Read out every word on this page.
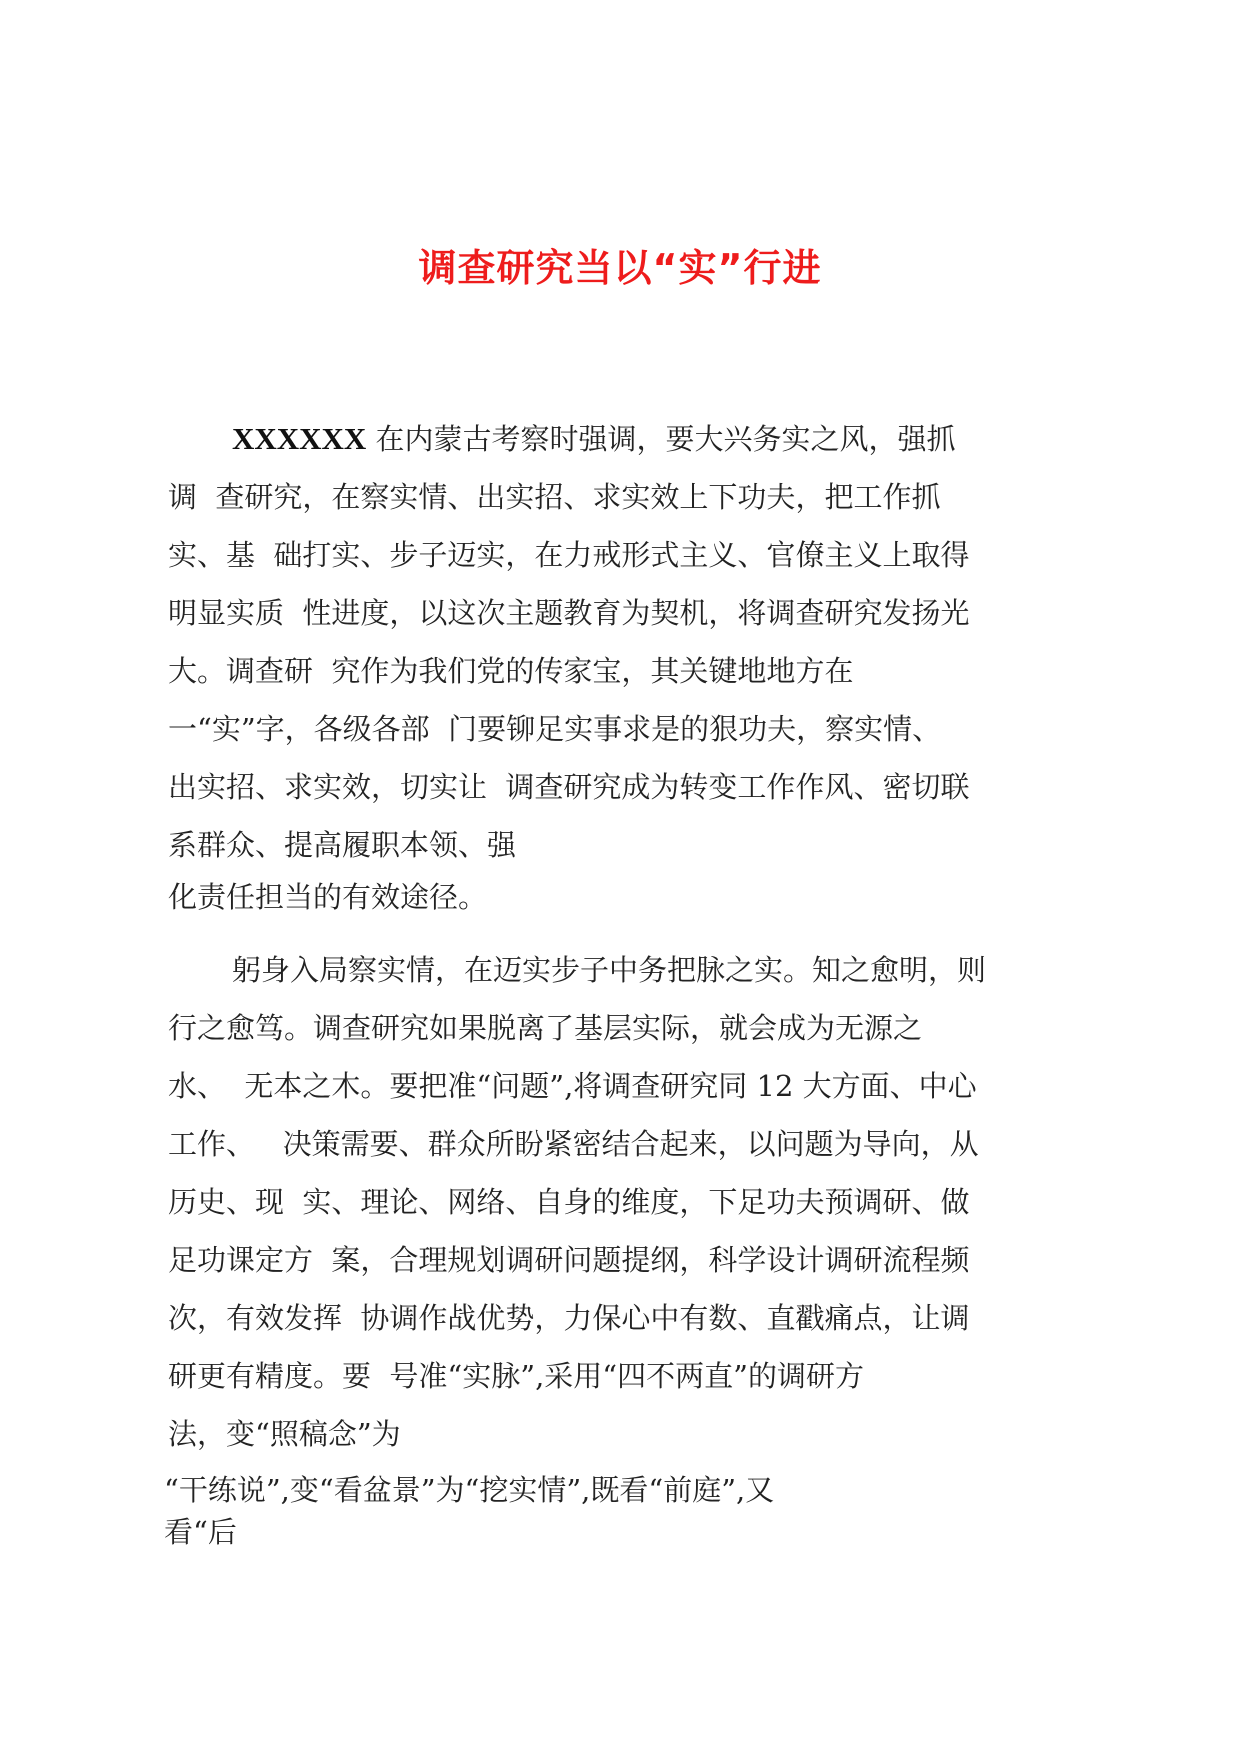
调查研究当以“实”行进
XXXXXX 在内蒙古考察时强调，要大兴务实之风，强抓
调  查研究，在察实情、出实招、求实效上下功夫，把工作抓
实、基  础打实、步子迈实，在力戒形式主义、官僚主义上取得
明显实质  性进度，以这次主题教育为契机，将调查研究发扬光
大。调查研  究作为我们党的传家宝，其关键地地方在
一“实”字，各级各部  门要铆足实事求是的狠功夫，察实情、
出实招、求实效，切实让  调查研究成为转变工作作风、密切联
系群众、提高履职本领、强
化责任担当的有效途径。
躬身入局察实情，在迈实步子中务把脉之实。知之愈明，则
行之愈笃。调查研究如果脱离了基层实际，就会成为无源之
水、  无本之木。要把准“问题”,将调查研究同 12 大方面、中心
工作、   决策需要、群众所盼紧密结合起来，以问题为导向，从
历史、现  实、理论、网络、自身的维度，下足功夫预调研、做
足功课定方  案，合理规划调研问题提纲，科学设计调研流程频
次，有效发挥  协调作战优势，力保心中有数、直戳痛点，让调
研更有精度。要  号准“实脉”,采用“四不两直”的调研方
法，变“照稿念”为
“干练说”,变“看盆景”为“挖实情”,既看“前庭”,又
看“后
